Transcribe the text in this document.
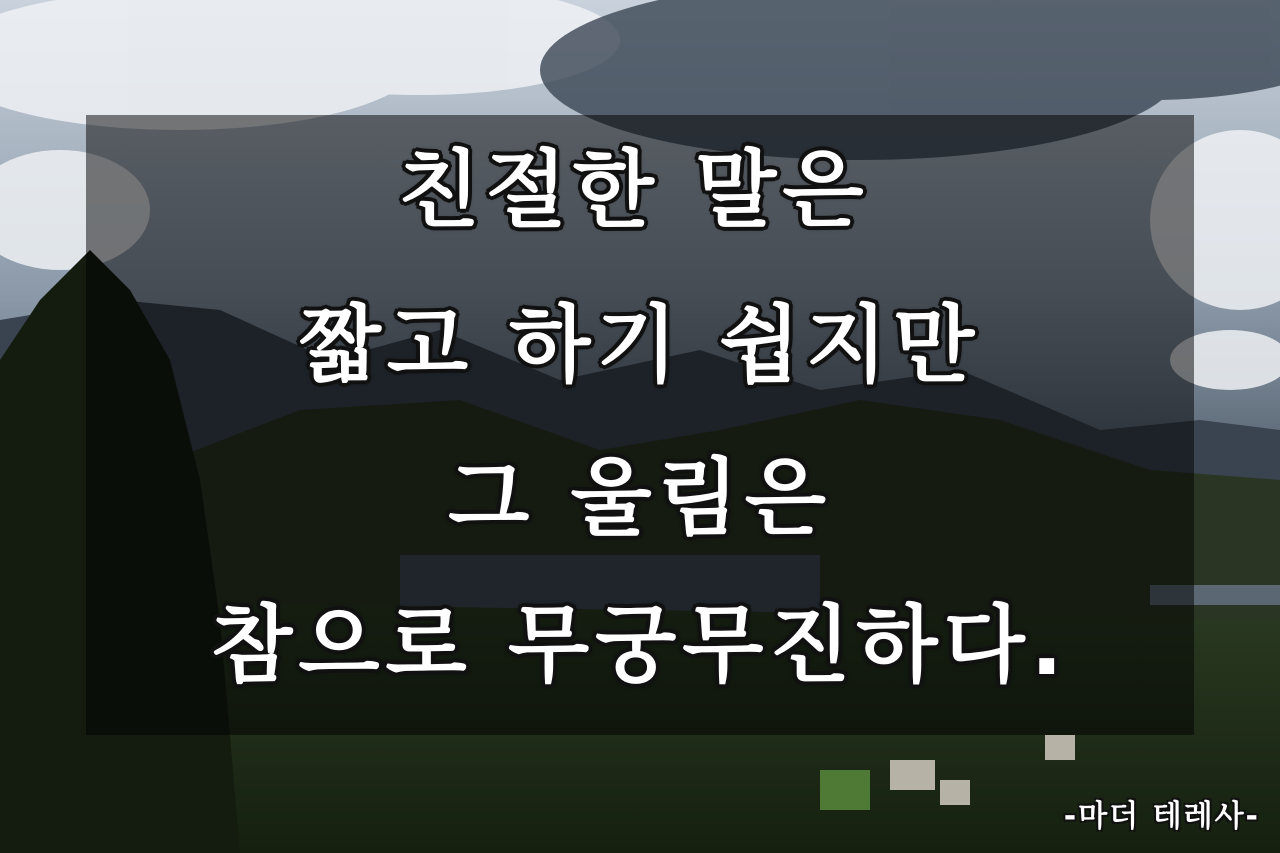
친절한 말은
짧고 하기 쉽지만
그 울림은
참으로 무궁무진하다.
-마더 테레사-
